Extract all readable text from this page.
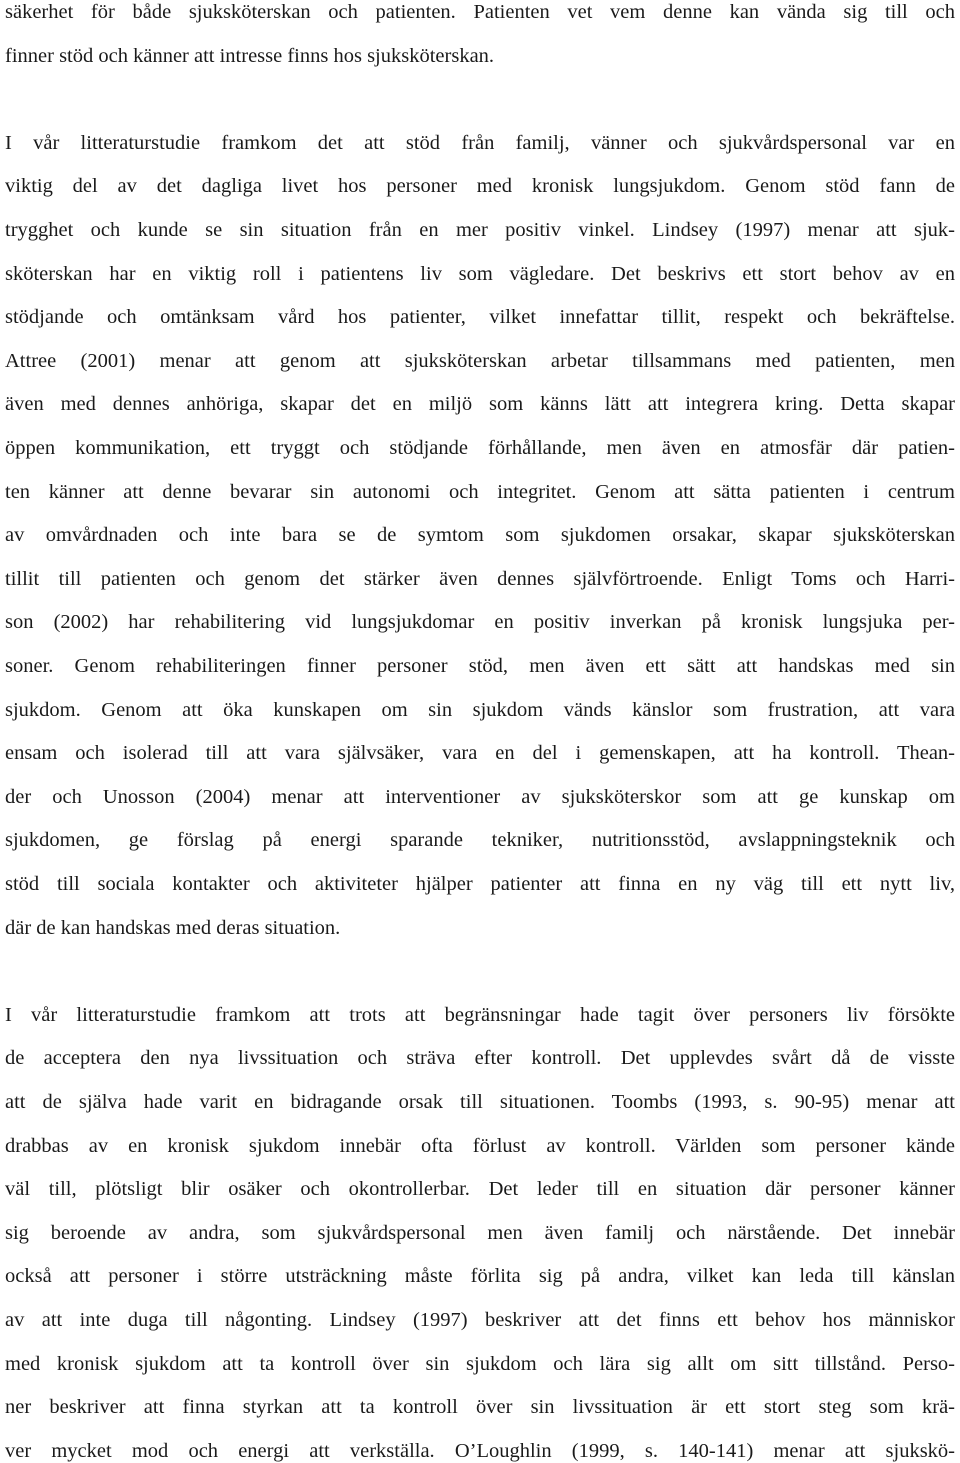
säkerhet för både sjuksköterskan och patienten. Patienten vet vem denne kan vända sig till och
finner stöd och känner att intresse finns hos sjuksköterskan.
I vår litteraturstudie framkom det att stöd från familj, vänner och sjukvårdspersonal var en
viktig del av det dagliga livet hos personer med kronisk lungsjukdom. Genom stöd fann de
trygghet och kunde se sin situation från en mer positiv vinkel. Lindsey (1997) menar att sjuk-
sköterskan har en viktig roll i patientens liv som vägledare. Det beskrivs ett stort behov av en
stödjande och omtänksam vård hos patienter, vilket innefattar tillit, respekt och bekräftelse.
Attree (2001) menar att genom att sjuksköterskan arbetar tillsammans med patienten, men
även med dennes anhöriga, skapar det en miljö som känns lätt att integrera kring. Detta skapar
öppen kommunikation, ett tryggt och stödjande förhållande, men även en atmosfär där patien-
ten känner att denne bevarar sin autonomi och integritet. Genom att sätta patienten i centrum
av omvårdnaden och inte bara se de symtom som sjukdomen orsakar, skapar sjuksköterskan
tillit till patienten och genom det stärker även dennes självförtroende. Enligt Toms och Harri-
son (2002) har rehabilitering vid lungsjukdomar en positiv inverkan på kronisk lungsjuka per-
soner. Genom rehabiliteringen finner personer stöd, men även ett sätt att handskas med sin
sjukdom. Genom att öka kunskapen om sin sjukdom vänds känslor som frustration, att vara
ensam och isolerad till att vara självsäker, vara en del i gemenskapen, att ha kontroll. Thean-
der och Unosson (2004) menar att interventioner av sjuksköterskor som att ge kunskap om
sjukdomen, ge förslag på energi sparande tekniker, nutritionsstöd, avslappningsteknik och
stöd till sociala kontakter och aktiviteter hjälper patienter att finna en ny väg till ett nytt liv,
där de kan handskas med deras situation.
I vår litteraturstudie framkom att trots att begränsningar hade tagit över personers liv försökte
de acceptera den nya livssituation och sträva efter kontroll. Det upplevdes svårt då de visste
att de själva hade varit en bidragande orsak till situationen. Toombs (1993, s. 90-95) menar att
drabbas av en kronisk sjukdom innebär ofta förlust av kontroll. Världen som personer kände
väl till, plötsligt blir osäker och okontrollerbar. Det leder till en situation där personer känner
sig beroende av andra, som sjukvårdspersonal men även familj och närstående. Det innebär
också att personer i större utsträckning måste förlita sig på andra, vilket kan leda till känslan
av att inte duga till någonting. Lindsey (1997) beskriver att det finns ett behov hos människor
med kronisk sjukdom att ta kontroll över sin sjukdom och lära sig allt om sitt tillstånd. Perso-
ner beskriver att finna styrkan att ta kontroll över sin livssituation är ett stort steg som krä-
ver mycket mod och energi att verkställa. O’Loughlin (1999, s. 140-141) menar att sjukskö-
